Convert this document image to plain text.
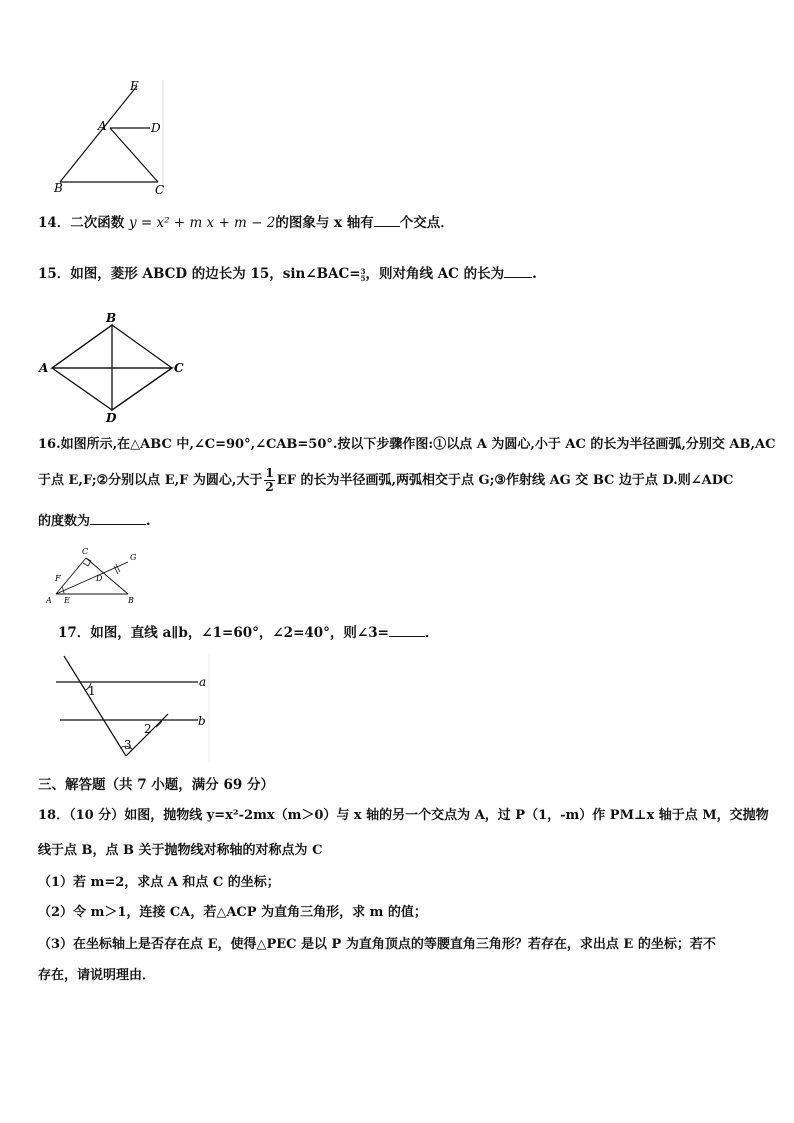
E
A	D
B	C
14．二次函数 y = x² + m x + m − 2的图象与 x 轴有 个交点．
15．如图，菱形 ABCD 的边长为 15，sin∠BAC= 3
5 ，则对角线 AC 的长为 .
B
A	C
D
16.如图所示,在△ABC 中,∠C=90°,∠CAB=50°.按以下步骤作图:①以点 A 为圆心,小于 AC 的长为半径画弧,分别交 AB,AC
于点 E,F;②分别以点 E,F 为圆心,大于 $\frac{1}{2}$ EF 的长为半径画弧,两弧相交于点 G;③作射线 AG 交 BC 边于点 D.则∠ADC
的度数为	.
C
G
F	D
A E	B
17．如图，直线 a∥b，∠1=60°，∠2=40°，则∠3=	．
a
b
1
2
3
三、解答题（共 7 小题，满分 69 分）
18．（10 分）如图，抛物线 y=x²-2mx（m＞0）与 x 轴的另一个交点为 A，过 P（1，-m）作 PM⊥x 轴于点 M，交抛物
线于点 B，点 B 关于抛物线对称轴的对称点为 C
（1）若 m=2，求点 A 和点 C 的坐标；
（2）令 m＞1，连接 CA，若△ACP 为直角三角形，求 m 的值；
（3）在坐标轴上是否存在点 E，使得△PEC 是以 P 为直角顶点的等腰直角三角形？若存在，求出点 E 的坐标；若不
存在，请说明理由．
